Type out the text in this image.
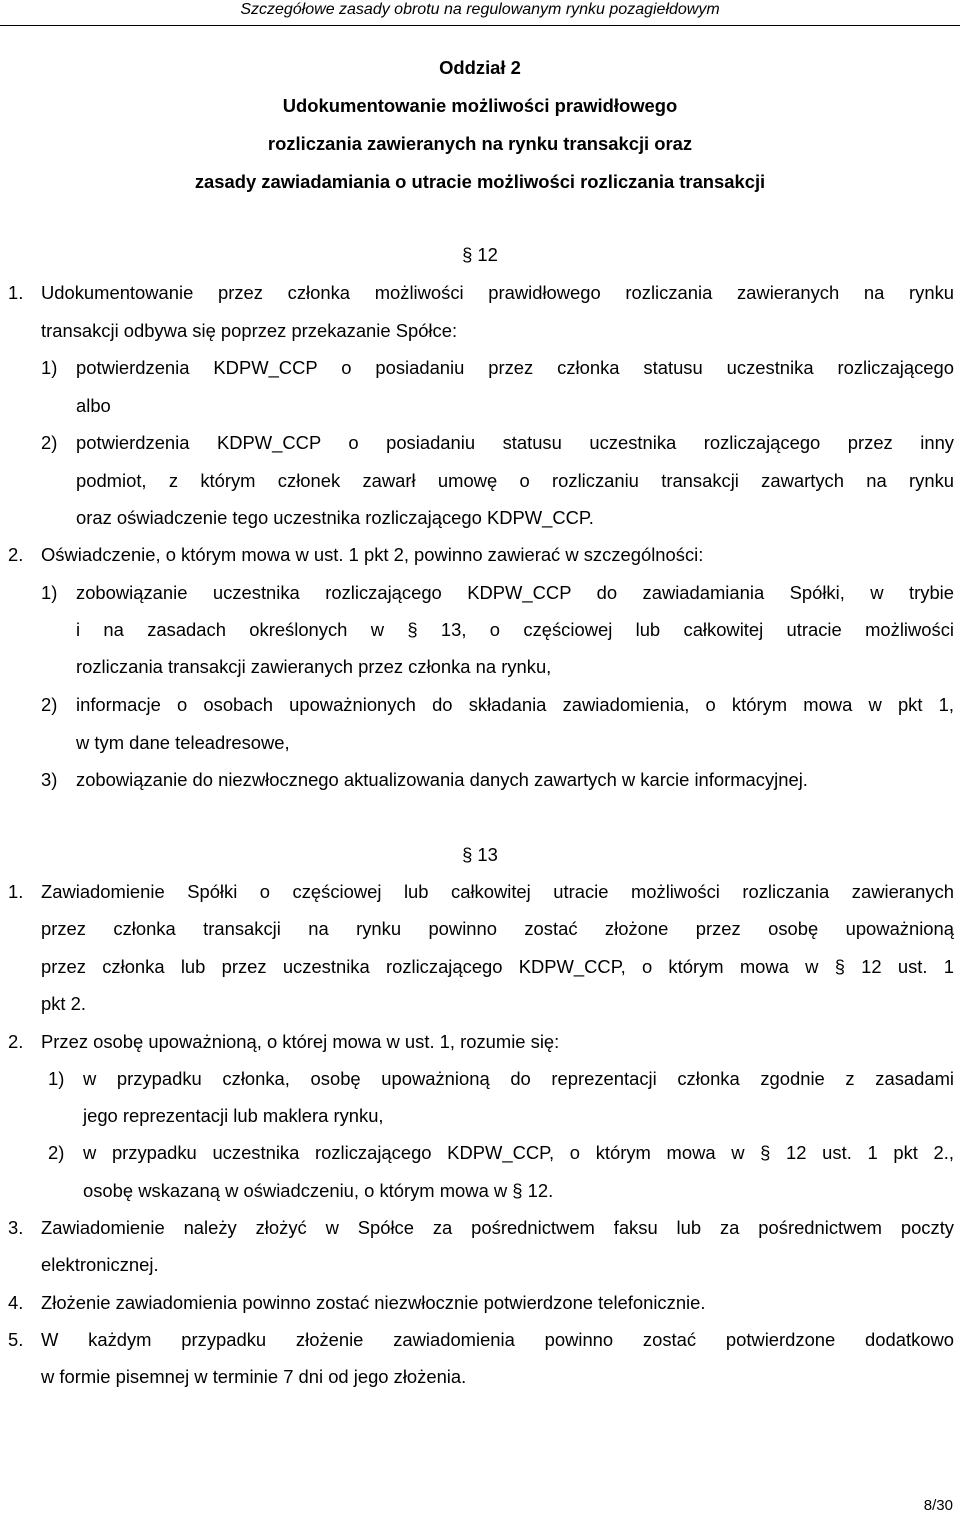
Szczegółowe zasady obrotu na regulowanym rynku pozagiełdowym
Oddział 2
Udokumentowanie możliwości prawidłowego
rozliczania zawieranych na rynku transakcji oraz
zasady zawiadamiania o utracie możliwości rozliczania transakcji
§ 12
1. Udokumentowanie przez członka możliwości prawidłowego rozliczania zawieranych na rynku
transakcji odbywa się poprzez przekazanie Spółce:
1) potwierdzenia KDPW_CCP o posiadaniu przez członka statusu uczestnika rozliczającego
albo
2) potwierdzenia KDPW_CCP o posiadaniu statusu uczestnika rozliczającego przez inny
podmiot, z którym członek zawarł umowę o rozliczaniu transakcji zawartych na rynku
oraz oświadczenie tego uczestnika rozliczającego KDPW_CCP.
2. Oświadczenie, o którym mowa w ust. 1 pkt 2, powinno zawierać w szczególności:
1) zobowiązanie uczestnika rozliczającego KDPW_CCP do zawiadamiania Spółki, w trybie
i na zasadach określonych w § 13, o częściowej lub całkowitej utracie możliwości
rozliczania transakcji zawieranych przez członka na rynku,
2) informacje o osobach upoważnionych do składania zawiadomienia, o którym mowa w pkt 1,
w tym dane teleadresowe,
3) zobowiązanie do niezwłocznego aktualizowania danych zawartych w karcie informacyjnej.
§ 13
1. Zawiadomienie Spółki o częściowej lub całkowitej utracie możliwości rozliczania zawieranych
przez członka transakcji na rynku powinno zostać złożone przez osobę upoważnioną
przez członka lub przez uczestnika rozliczającego KDPW_CCP, o którym mowa w § 12 ust. 1
pkt 2.
2. Przez osobę upoważnioną, o której mowa w ust. 1, rozumie się:
1) w przypadku członka, osobę upoważnioną do reprezentacji członka zgodnie z zasadami
jego reprezentacji lub maklera rynku,
2) w przypadku uczestnika rozliczającego KDPW_CCP, o którym mowa w § 12 ust. 1 pkt 2.,
osobę wskazaną w oświadczeniu, o którym mowa w § 12.
3. Zawiadomienie należy złożyć w Spółce za pośrednictwem faksu lub za pośrednictwem poczty
elektronicznej.
4. Złożenie zawiadomienia powinno zostać niezwłocznie potwierdzone telefonicznie.
5. W każdym przypadku złożenie zawiadomienia powinno zostać potwierdzone dodatkowo
w formie pisemnej w terminie 7 dni od jego złożenia.
8/30
